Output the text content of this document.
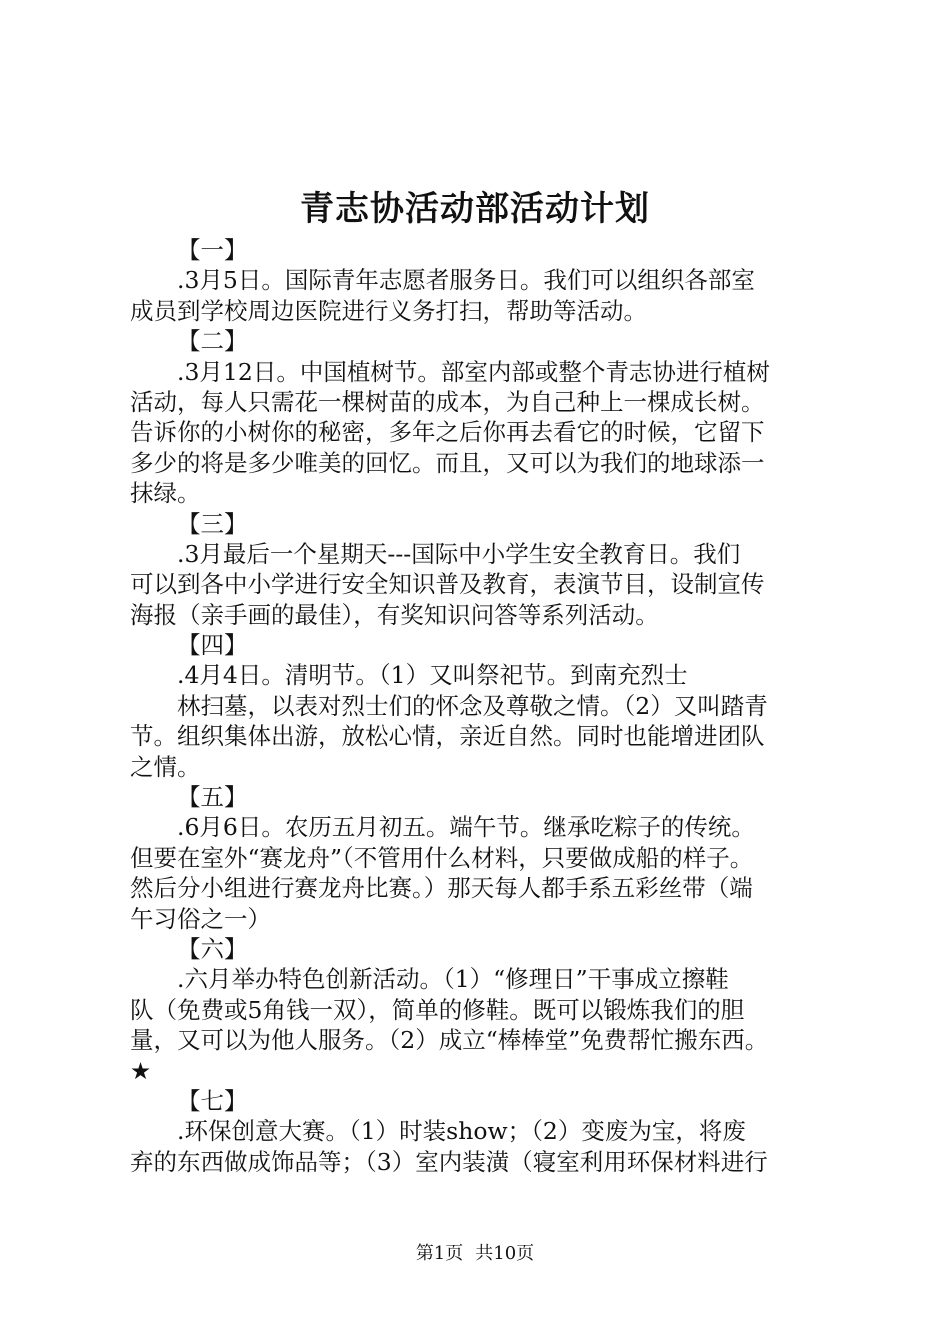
青志协活动部活动计划
【一】
.3月5日。国际青年志愿者服务日。我们可以组织各部室
成员到学校周边医院进行义务打扫，帮助等活动。
【二】
.3月12日。中国植树节。部室内部或整个青志协进行植树
活动，每人只需花一棵树苗的成本，为自己种上一棵成长树。
告诉你的小树你的秘密，多年之后你再去看它的时候，它留下
多少的将是多少唯美的回忆。而且，又可以为我们的地球添一
抹绿。
【三】
.3月最后一个星期天---国际中小学生安全教育日。我们
可以到各中小学进行安全知识普及教育，表演节目，设制宣传
海报（亲手画的最佳），有奖知识问答等系列活动。
【四】
.4月4日。清明节。（1）又叫祭祀节。到南充烈士
林扫墓，以表对烈士们的怀念及尊敬之情。（2）又叫踏青
节。组织集体出游，放松心情，亲近自然。同时也能增进团队
之情。
【五】
.6月6日。农历五月初五。端午节。继承吃粽子的传统。
但要在室外“赛龙舟”（不管用什么材料，只要做成船的样子。
然后分小组进行赛龙舟比赛。）那天每人都手系五彩丝带（端
午习俗之一）
【六】
.六月举办特色创新活动。（1）“修理日”干事成立擦鞋
队（免费或5角钱一双），简单的修鞋。既可以锻炼我们的胆
量，又可以为他人服务。（2）成立“棒棒堂”免费帮忙搬东西。
★
【七】
.环保创意大赛。（1）时装show；（2）变废为宝，将废
弃的东西做成饰品等；（3）室内装潢（寝室利用环保材料进行
第1页 共10页
